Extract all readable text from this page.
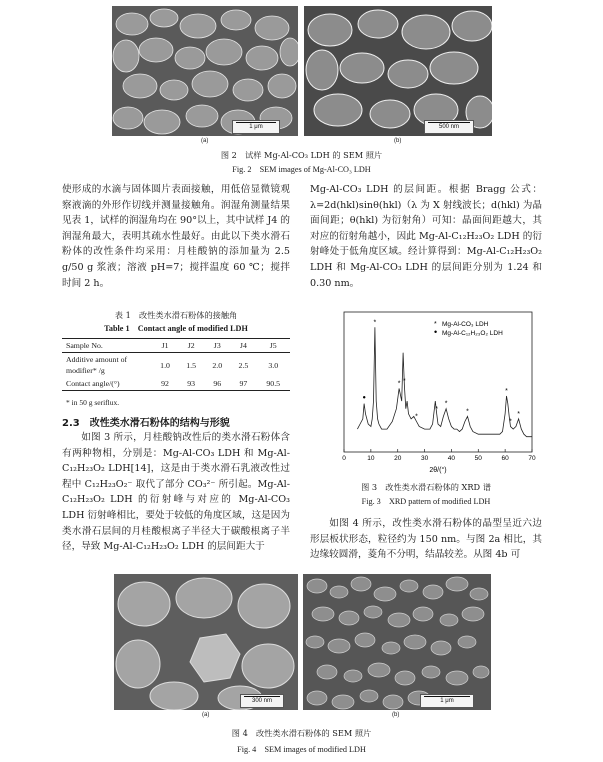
1 μm
(a)
500 nm
(b)
图 2　试样 Mg-Al-CO₃ LDH 的 SEM 照片
Fig. 2　SEM images of Mg-Al-CO₃ LDH

使形成的水滴与固体圆片表面接触，用低倍显微镜观察液滴的外形作切线并测量接触角。润湿角测量结果见表 1，试样的润湿角均在 90°以上，其中试样 J4 的润湿角最大，表明其疏水性最好。由此以下类水滑石粉体的改性条件均采用：月桂酸钠的添加量为 2.5 g/50 g 浆液；溶液 pH=7；搅拌温度 60 ℃；搅拌时间 2 h。

表 1　改性类水滑石粉体的接触角
Table 1　Contact angle of modified LDH
Sample No.	J1	J2	J3	J4	J5
Additive amount of modifier* /g	1.0	1.5	2.0	2.5	3.0
Contact angle/(°)	92	93	96	97	90.5
* in 50 g seriflux.
2.3　改性类水滑石粉体的结构与形貌

如图 3 所示，月桂酸钠改性后的类水滑石粉体含有两种物相，分别是：Mg-Al-CO₃ LDH 和 Mg-Al-C₁₂H₂₃O₂ LDH[14]，这是由于类水滑石乳液改性过程中 C₁₂H₂₃O₂⁻ 取代了部分 CO₃²⁻ 所引起。Mg-Al-C₁₂H₂₃O₂ LDH 的衍射峰与对应的 Mg-Al-CO₃ LDH 衍射峰相比，要处于较低的角度区域，这是因为类水滑石层间的月桂酸根离子半径大于碳酸根离子半径，导致 Mg-Al-C₁₂H₂₃O₂ LDH 的层间距大于

Mg-Al-CO₃ LDH 的层间距。根据 Bragg 公式：λ=2d(hkl)sinθ(hkl)（λ 为 X 射线波长；d(hkl) 为晶面间距；θ(hkl) 为衍射角）可知：晶面间距越大，其对应的衍射角越小，因此 Mg-Al-C₁₂H₂₃O₂ LDH 的衍射峰处于低角度区域。经计算得到：Mg-Al-C₁₂H₂₃O₂ LDH 和 Mg-Al-CO₃ LDH 的层间距分别为 1.24 和 0.30 nm。

0	10	20	30	40	50	60	70
•
*
* *
*
*
*
*
*
*
*
* Mg-Al-CO₃ LDH
• Mg-Al-C₁₂H₂₃O₂ LDH
2θ/(°)
图 3　改性类水滑石粉体的 XRD 谱
Fig. 3　XRD pattern of modified LDH

如图 4 所示，改性类水滑石粉体的晶型呈近六边形层板状形态，粒径约为 150 nm。与图 2a 相比，其边缘较圆滑，菱角不分明，结晶较差。从图 4b 可

300 nm
(a)
1 μm
(b)
图 4　改性类水滑石粉体的 SEM 照片
Fig. 4　SEM images of modified LDH
